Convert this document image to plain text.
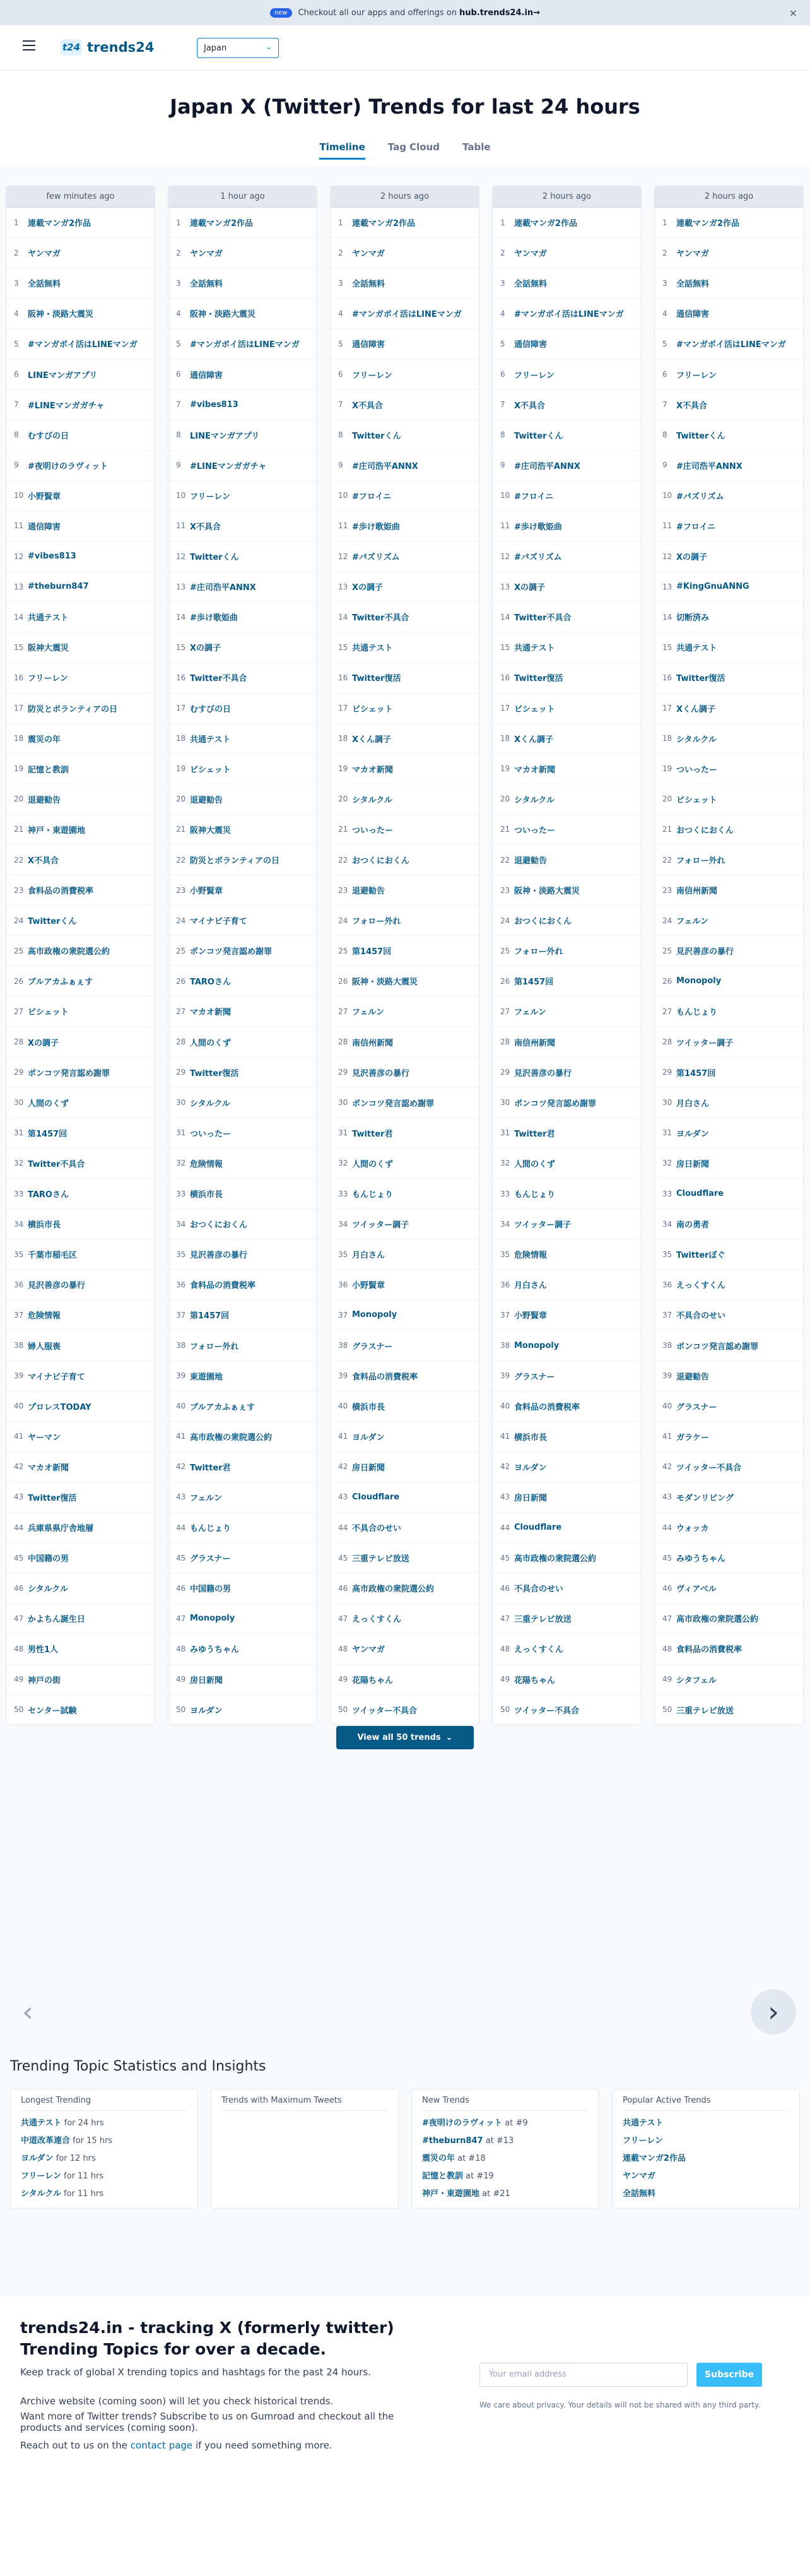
new	Checkout all our apps and offerings on hub.trends24.in→	×
t24 trends24	Japan	⌄
Japan X (Twitter) Trends for last 24 hours
Timeline Tag Cloud Table
few minutes ago
1	連載マンガ2作品
2	ヤンマガ
3	全話無料
4	阪神・淡路大震災
5	#マンガボイ活はLINEマンガ
6	LINEマンガアプリ
7	#LINEマンガガチャ
8	むすびの日
9	#夜明けのラヴィット
10 小野賢章
11 通信障害
12 #vibes813
13 #theburn847
14 共通テスト
15 阪神大震災
16 フリーレン
17 防災とボランティアの日
18 震災の年
19 記憶と教訓
20 退避勧告
21 神戸・東遊園地
22 X不具合
23 食料品の消費税率
24 Twitterくん
25 高市政権の衆院選公約
26 ブルアカふぁぇす
27 ビシェット
28 Xの調子
29 ポンコツ発言認め謝罪
30 人間のくず
31 第1457回
32 Twitter不具合
33 TAROさん
34 横浜市長
35 千葉市稲毛区
36 見沢善彦の暴行
37 危険情報
38 婦人服喪
39 マイナビ子育て
40 プロレスTODAY
41 ヤーマン
42 マカオ新聞
43 Twitter復活
44 兵庫県県庁舎地層
45 中国籍の男
46 シタルクル
47 かよちん誕生日
48 男性1人
49 神戸の街
50 センター試験
1 hour ago
1	連載マンガ2作品
2	ヤンマガ
3	全話無料
4	阪神・淡路大震災
5	#マンガボイ活はLINEマンガ
6	通信障害
7	#vibes813
8	LINEマンガアプリ
9	#LINEマンガガチャ
10 フリーレン
11 X不具合
12 Twitterくん
13 #庄司浩平ANNX
14 #歩け歌姫曲
15 Xの調子
16 Twitter不具合
17 むすびの日
18 共通テスト
19 ビシェット
20 退避勧告
21 阪神大震災
22 防災とボランティアの日
23 小野賢章
24 マイナビ子育て
25 ポンコツ発言認め謝罪
26 TAROさん
27 マカオ新聞
28 人間のくず
29 Twitter復活
30 シタルクル
31 ついったー
32 危険情報
33 横浜市長
34 おつくにおくん
35 見沢善彦の暴行
36 食料品の消費税率
37 第1457回
38 フォロー外れ
39 東遊園地
40 ブルアカふぁぇす
41 高市政権の衆院選公約
42 Twitter君
43 フェルン
44 もんじょり
45 グラスナー
46 中国籍の男
47 Monopoly
48 みゆうちゃん
49 房日新聞
50 ヨルダン
2 hours ago
1	連載マンガ2作品
2	ヤンマガ
3	全話無料
4	#マンガボイ活はLINEマンガ
5	通信障害
6	フリーレン
7	X不具合
8	Twitterくん
9	#庄司浩平ANNX
10 #フロイニ
11 #歩け歌姫曲
12 #パズリズム
13 Xの調子
14 Twitter不具合
15 共通テスト
16 Twitter復活
17 ビシェット
18 Xくん調子
19 マカオ新聞
20 シタルクル
21 ついったー
22 おつくにおくん
23 退避勧告
24 フォロー外れ
25 第1457回
26 阪神・淡路大震災
27 フェルン
28 南信州新聞
29 見沢善彦の暴行
30 ポンコツ発言認め謝罪
31 Twitter君
32 人間のくず
33 もんじょり
34 ツイッター調子
35 月白さん
36 小野賢章
37 Monopoly
38 グラスナー
39 食料品の消費税率
40 横浜市長
41 ヨルダン
42 房日新聞
43 Cloudflare
44 不具合のせい
45 三重テレビ放送
46 高市政権の衆院選公約
47 えっくすくん
48 ヤンマガ
49 花陽ちゃん
50 ツイッター不具合
2 hours ago
1	連載マンガ2作品
2	ヤンマガ
3	全話無料
4	#マンガボイ活はLINEマンガ
5	通信障害
6	フリーレン
7	X不具合
8	Twitterくん
9	#庄司浩平ANNX
10 #フロイニ
11 #歩け歌姫曲
12 #パズリズム
13 Xの調子
14 Twitter不具合
15 共通テスト
16 Twitter復活
17 ビシェット
18 Xくん調子
19 マカオ新聞
20 シタルクル
21 ついったー
22 退避勧告
23 阪神・淡路大震災
24 おつくにおくん
25 フォロー外れ
26 第1457回
27 フェルン
28 南信州新聞
29 見沢善彦の暴行
30 ポンコツ発言認め謝罪
31 Twitter君
32 人間のくず
33 もんじょり
34 ツイッター調子
35 危険情報
36 月白さん
37 小野賢章
38 Monopoly
39 グラスナー
40 食料品の消費税率
41 横浜市長
42 ヨルダン
43 房日新聞
44 Cloudflare
45 高市政権の衆院選公約
46 不具合のせい
47 三重テレビ放送
48 えっくすくん
49 花陽ちゃん
50 ツイッター不具合
2 hours ago
1	連載マンガ2作品
2	ヤンマガ
3	全話無料
4	通信障害
5	#マンガボイ活はLINEマンガ
6	フリーレン
7	X不具合
8	Twitterくん
9	#庄司浩平ANNX
10 #パズリズム
11 #フロイニ
12 Xの調子
13 #KingGnuANNG
14 切断済み
15 共通テスト
16 Twitter復活
17 Xくん調子
18 シタルクル
19 ついったー
20 ビシェット
21 おつくにおくん
22 フォロー外れ
23 南信州新聞
24 フェルン
25 見沢善彦の暴行
26 Monopoly
27 もんじょり
28 ツイッター調子
29 第1457回
30 月白さん
31 ヨルダン
32 房日新聞
33 Cloudflare
34 南の勇者
35 Twitterぼぐ
36 えっくすくん
37 不具合のせい
38 ポンコツ発言認め謝罪
39 退避勧告
40 グラスナー
41 ガラケー
42 ツイッター不具合
43 モダンリビング
44 ウォッカ
45 みゆうちゃん
46 ヴィアベル
47 高市政権の衆院選公約
48 食料品の消費税率
49 シタフェル
50 三重テレビ放送
View all 50 trends ⌄
‹	›
Trending Topic Statistics and Insights
Longest Trending
共通テスト for 24 hrs
中道改革連合 for 15 hrs
ヨルダン for 12 hrs
フリーレン for 11 hrs
シタルクル for 11 hrs
Trends with Maximum Tweets	New Trends
#夜明けのラヴィット at #9
#theburn847 at #13
震災の年 at #18
記憶と教訓 at #19
神戸・東遊園地 at #21
Popular Active Trends
共通テスト
フリーレン
連載マンガ2作品
ヤンマガ
全話無料
trends24.in - tracking X (formerly twitter) Trending Topics for over a decade.
Keep track of global X trending topics and hashtags for the past 24 hours.
Archive website (coming soon) will let you check historical trends.
Want more of Twitter trends? Subscribe to us on Gumroad and checkout all the products and services (coming soon).
Reach out to us on the contact page if you need something more.
Your email address	Subscribe
We care about privacy. Your details will not be shared with any third party.
